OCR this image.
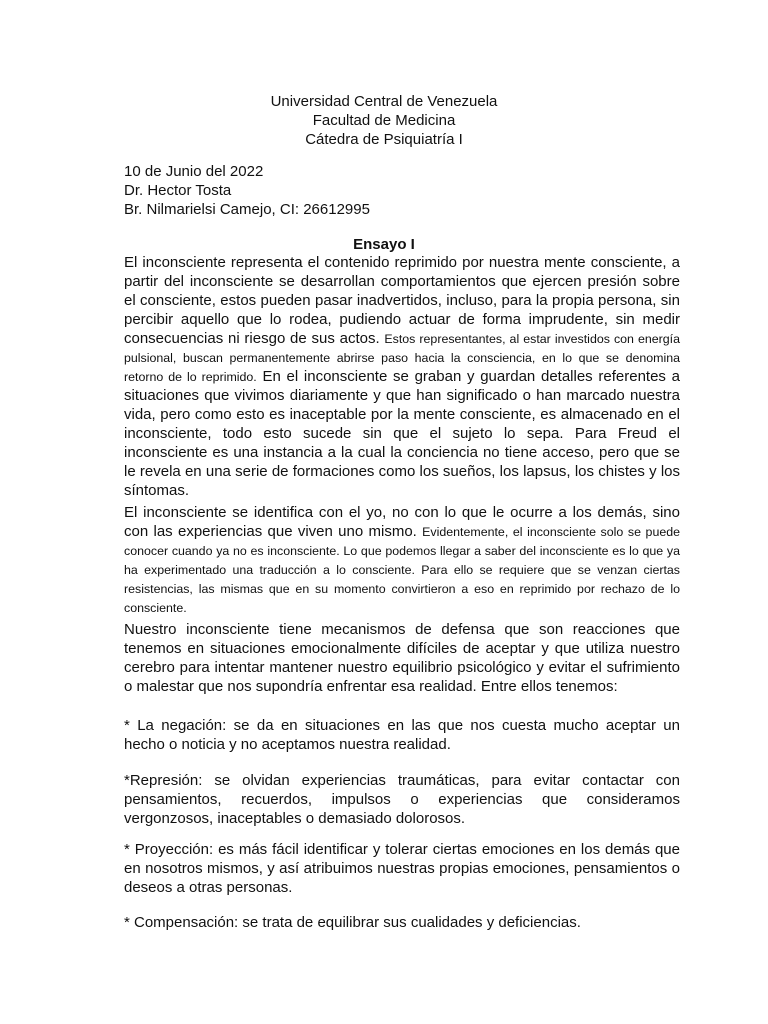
Universidad Central de Venezuela
Facultad de Medicina
Cátedra de Psiquiatría I
10 de Junio del 2022
Dr. Hector Tosta
Br. Nilmarielsi Camejo, CI: 26612995
Ensayo I

El inconsciente representa el contenido reprimido por nuestra mente consciente, a partir del inconsciente se desarrollan comportamientos que ejercen presión sobre el consciente, estos pueden pasar inadvertidos, incluso, para la propia persona, sin percibir aquello que lo rodea, pudiendo actuar de forma imprudente, sin medir consecuencias ni riesgo de sus actos. Estos representantes, al estar investidos con energía pulsional, buscan permanentemente abrirse paso hacia la consciencia, en lo que se denomina retorno de lo reprimido. En el inconsciente se graban y guardan detalles referentes a situaciones que vivimos diariamente y que han significado o han marcado nuestra vida, pero como esto es inaceptable por la mente consciente, es almacenado en el inconsciente, todo esto sucede sin que el sujeto lo sepa. Para Freud el inconsciente es una instancia a la cual la conciencia no tiene acceso, pero que se le revela en una serie de formaciones como los sueños, los lapsus, los chistes y los síntomas.

El inconsciente se identifica con el yo, no con lo que le ocurre a los demás, sino con las experiencias que viven uno mismo. Evidentemente, el inconsciente solo se puede conocer cuando ya no es inconsciente. Lo que podemos llegar a saber del inconsciente es lo que ya ha experimentado una traducción a lo consciente. Para ello se requiere que se venzan ciertas resistencias, las mismas que en su momento convirtieron a eso en reprimido por rechazo de lo consciente.

Nuestro inconsciente tiene mecanismos de defensa que son reacciones que tenemos en situaciones emocionalmente difíciles de aceptar y que utiliza nuestro cerebro para intentar mantener nuestro equilibrio psicológico y evitar el sufrimiento o malestar que nos supondría enfrentar esa realidad. Entre ellos tenemos:

* La negación: se da en situaciones en las que nos cuesta mucho aceptar un hecho o noticia y no aceptamos nuestra realidad.

*Represión: se olvidan experiencias traumáticas, para evitar contactar con pensamientos, recuerdos, impulsos o experiencias que consideramos vergonzosos, inaceptables o demasiado dolorosos.

* Proyección: es más fácil identificar y tolerar ciertas emociones en los demás que en nosotros mismos, y así atribuimos nuestras propias emociones, pensamientos o deseos a otras personas.

* Compensación: se trata de equilibrar sus cualidades y deficiencias.
